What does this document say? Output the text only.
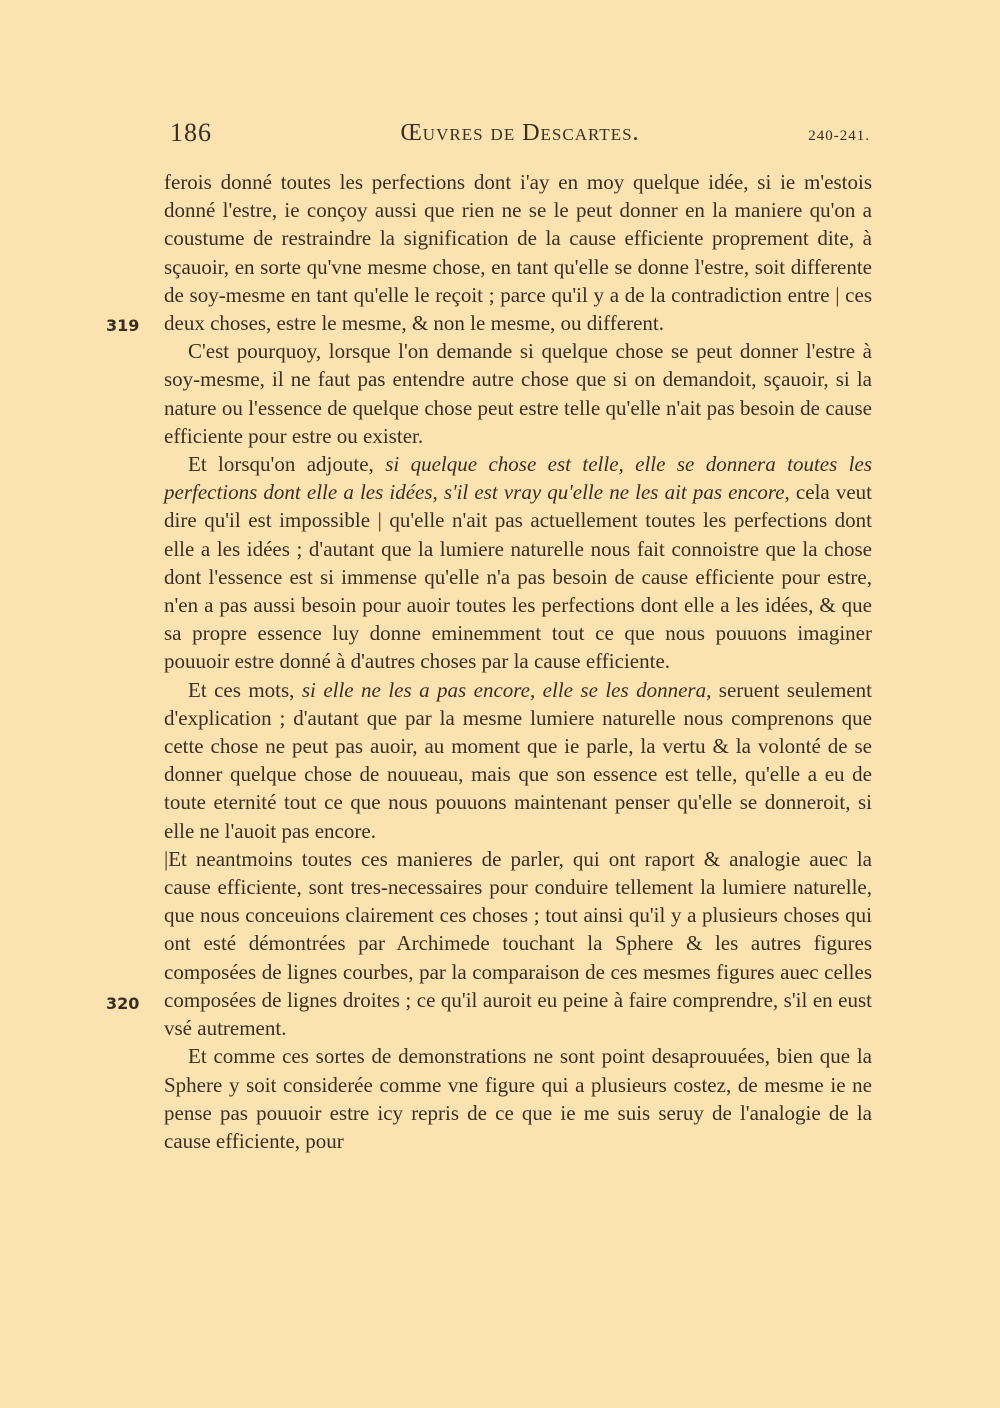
186	Œuvres de Descartes.	240-241.
319
320

ferois donné toutes les perfections dont i'ay en moy quelque idée, si ie m'estois donné l'estre, ie conçoy aussi que rien ne se le peut donner en la maniere qu'on a coustume de restraindre la signification de la cause efficiente proprement dite, à sçauoir, en sorte qu'vne mesme chose, en tant qu'elle se donne l'estre, soit differente de soy-mesme en tant qu'elle le reçoit ; parce qu'il y a de la contradiction entre | ces deux choses, estre le mesme, & non le mesme, ou different.

C'est pourquoy, lorsque l'on demande si quelque chose se peut donner l'estre à soy-mesme, il ne faut pas entendre autre chose que si on demandoit, sçauoir, si la nature ou l'essence de quelque chose peut estre telle qu'elle n'ait pas besoin de cause efficiente pour estre ou exister.

Et lorsqu'on adjoute, si quelque chose est telle, elle se donnera toutes les perfections dont elle a les idées, s'il est vray qu'elle ne les ait pas encore, cela veut dire qu'il est impossible | qu'elle n'ait pas actuellement toutes les perfections dont elle a les idées ; d'autant que la lumiere naturelle nous fait connoistre que la chose dont l'essence est si immense qu'elle n'a pas besoin de cause efficiente pour estre, n'en a pas aussi besoin pour auoir toutes les perfections dont elle a les idées, & que sa propre essence luy donne eminemment tout ce que nous pouuons imaginer pouuoir estre donné à d'autres choses par la cause efficiente.

Et ces mots, si elle ne les a pas encore, elle se les donnera, seruent seulement d'explication ; d'autant que par la mesme lumiere naturelle nous comprenons que cette chose ne peut pas auoir, au moment que ie parle, la vertu & la volonté de se donner quelque chose de nouueau, mais que son essence est telle, qu'elle a eu de toute eternité tout ce que nous pouuons maintenant penser qu'elle se donneroit, si elle ne l'auoit pas encore.

|Et neantmoins toutes ces manieres de parler, qui ont raport & analogie auec la cause efficiente, sont tres-necessaires pour conduire tellement la lumiere naturelle, que nous conceuions clairement ces choses ; tout ainsi qu'il y a plusieurs choses qui ont esté démontrées par Archimede touchant la Sphere & les autres figures composées de lignes courbes, par la comparaison de ces mesmes figures auec celles composées de lignes droites ; ce qu'il auroit eu peine à faire comprendre, s'il en eust vsé autrement.

Et comme ces sortes de demonstrations ne sont point desaprouuées, bien que la Sphere y soit considerée comme vne figure qui a plusieurs costez, de mesme ie ne pense pas pouuoir estre icy repris de ce que ie me suis seruy de l'analogie de la cause efficiente, pour
